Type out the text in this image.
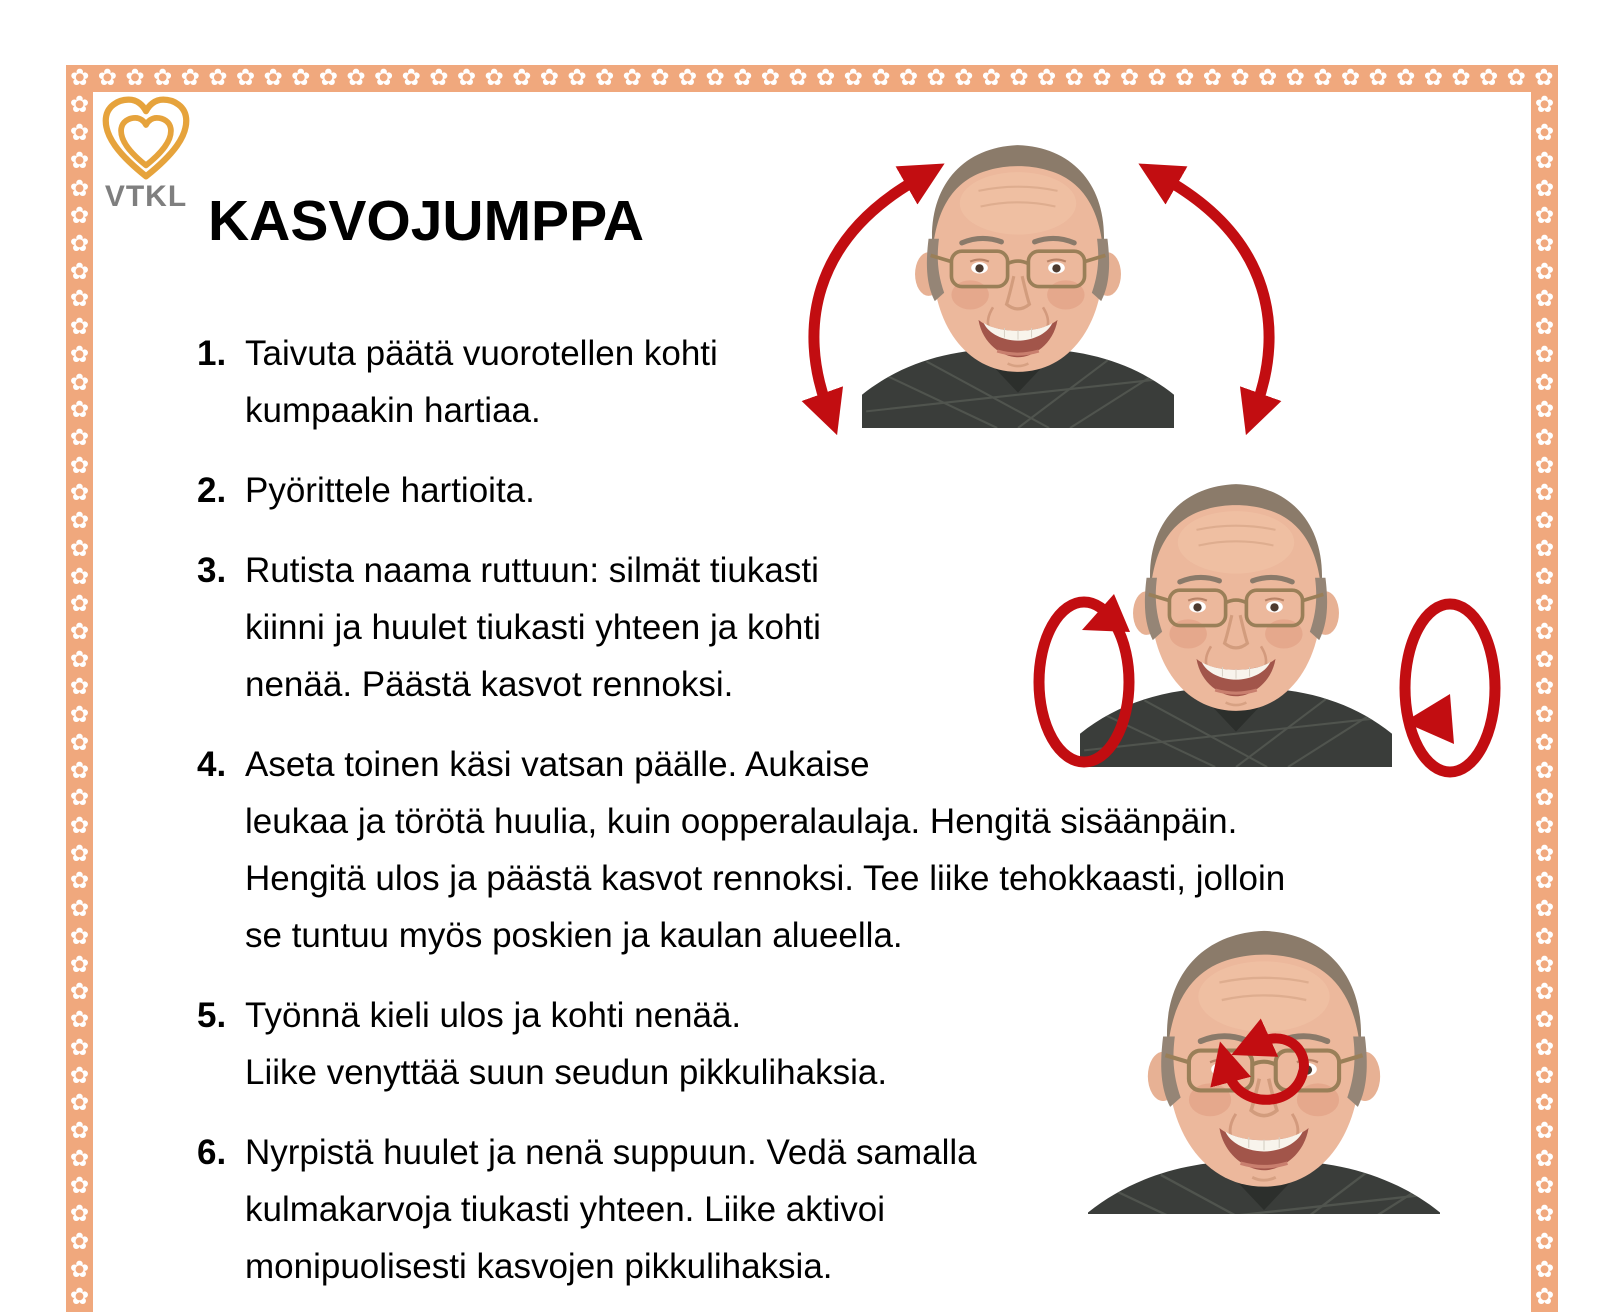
✿ ✿ ✿ ✿ ✿ ✿ ✿ ✿ ✿ ✿ ✿ ✿ ✿ ✿ ✿ ✿ ✿ ✿ ✿ ✿ ✿ ✿ ✿ ✿ ✿ ✿ ✿ ✿ ✿ ✿ ✿ ✿ ✿ ✿ ✿ ✿ ✿ ✿ ✿ ✿ ✿ ✿ ✿ ✿ ✿ ✿ ✿ ✿ ✿ ✿ ✿ ✿ ✿ ✿
✿
✿
✿
✿
✿
✿
✿
✿
✿
✿
✿
✿
✿
✿
✿
✿
✿
✿
✿
✿
✿
✿
✿
✿
✿
✿
✿
✿
✿
✿
✿
✿
✿
✿
✿
✿
✿
✿
✿
✿
✿
✿
✿
✿
✿
✿
✿
✿
✿
✿
✿
✿
✿
✿
✿
✿
✿
✿
✿
✿
✿
✿
✿
✿
✿
✿
✿
✿
✿
✿
✿
✿
✿
✿
✿
✿
✿
✿
✿
✿
✿
✿
✿
✿
✿
✿
✿
✿
VTKL KASVOJUMPPA
1. Taivuta päätä vuorotellen kohti
kumpaakin hartiaa.
2. Pyörittele hartioita.
3. Rutista naama ruttuun: silmät tiukasti
kiinni ja huulet tiukasti yhteen ja kohti
nenää. Päästä kasvot rennoksi.
4. Aseta toinen käsi vatsan päälle. Aukaise
leukaa ja törötä huulia, kuin oopperalaulaja. Hengitä sisäänpäin.
Hengitä ulos ja päästä kasvot rennoksi. Tee liike tehokkaasti, jolloin
se tuntuu myös poskien ja kaulan alueella.
5. Työnnä kieli ulos ja kohti nenää.
Liike venyttää suun seudun pikkulihaksia.
6. Nyrpistä huulet ja nenä suppuun. Vedä samalla
kulmakarvoja tiukasti yhteen. Liike aktivoi
monipuolisesti kasvojen pikkulihaksia.
